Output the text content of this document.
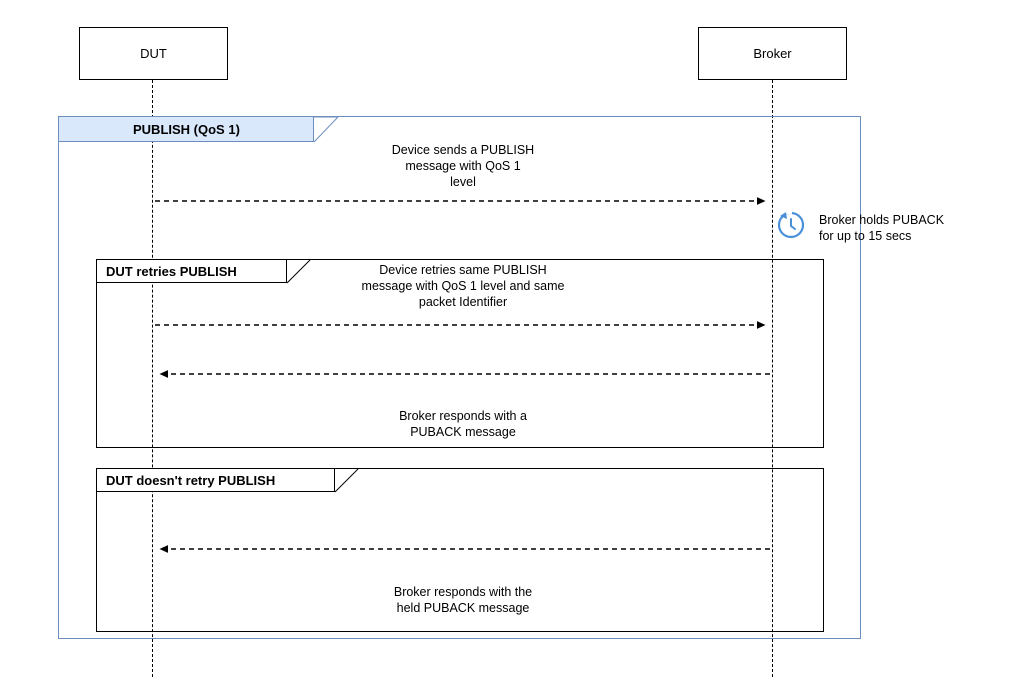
DUT	Broker
PUBLISH (QoS 1)
Device sends a PUBLISH
message with QoS 1
level
Broker holds PUBACK
for up to 15 secs
DUT retries PUBLISH	Device retries same PUBLISH
message with QoS 1 level and same
packet Identifier
Broker responds with a
PUBACK message
DUT doesn't retry PUBLISH
Broker responds with the
held PUBACK message
